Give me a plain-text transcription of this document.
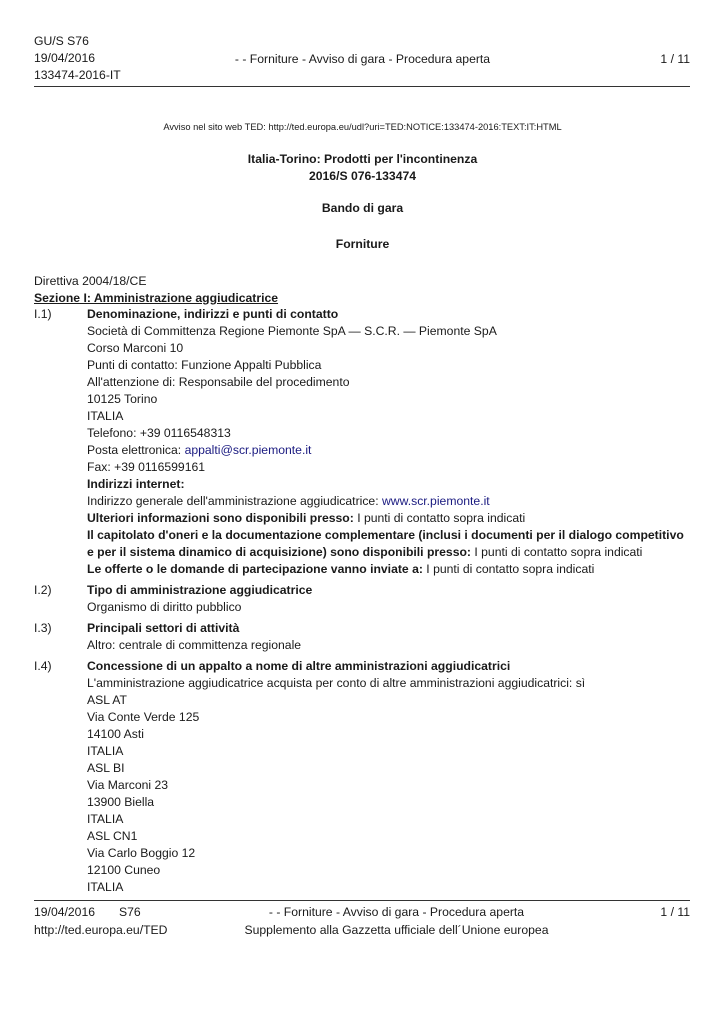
GU/S S76
19/04/2016
133474-2016-IT
- - Forniture - Avviso di gara - Procedura aperta	1 / 11
Avviso nel sito web TED: http://ted.europa.eu/udl?uri=TED:NOTICE:133474-2016:TEXT:IT:HTML
Italia-Torino: Prodotti per l'incontinenza
2016/S 076-133474
Bando di gara
Forniture
Direttiva 2004/18/CE
Sezione I: Amministrazione aggiudicatrice
I.1)	Denominazione, indirizzi e punti di contatto
Società di Committenza Regione Piemonte SpA — S.C.R. — Piemonte SpA
Corso Marconi 10
Punti di contatto: Funzione Appalti Pubblica
All'attenzione di: Responsabile del procedimento
10125 Torino
ITALIA
Telefono: +39 0116548313
Posta elettronica: appalti@scr.piemonte.it
Fax: +39 0116599161
Indirizzi internet:
Indirizzo generale dell'amministrazione aggiudicatrice: www.scr.piemonte.it
Ulteriori informazioni sono disponibili presso: I punti di contatto sopra indicati
Il capitolato d'oneri e la documentazione complementare (inclusi i documenti per il dialogo competitivo
e per il sistema dinamico di acquisizione) sono disponibili presso: I punti di contatto sopra indicati
Le offerte o le domande di partecipazione vanno inviate a: I punti di contatto sopra indicati
I.2)	Tipo di amministrazione aggiudicatrice
Organismo di diritto pubblico
I.3)	Principali settori di attività
Altro: centrale di committenza regionale
I.4)	Concessione di un appalto a nome di altre amministrazioni aggiudicatrici
L'amministrazione aggiudicatrice acquista per conto di altre amministrazioni aggiudicatrici: sì
ASL AT
Via Conte Verde 125
14100 Asti
ITALIA
ASL BI
Via Marconi 23
13900 Biella
ITALIA
ASL CN1
Via Carlo Boggio 12
12100 Cuneo
ITALIA
19/04/2016 S76	- - Forniture - Avviso di gara - Procedura aperta	1 / 11
http://ted.europa.eu/TED	Supplemento alla Gazzetta ufficiale dell´Unione europea
